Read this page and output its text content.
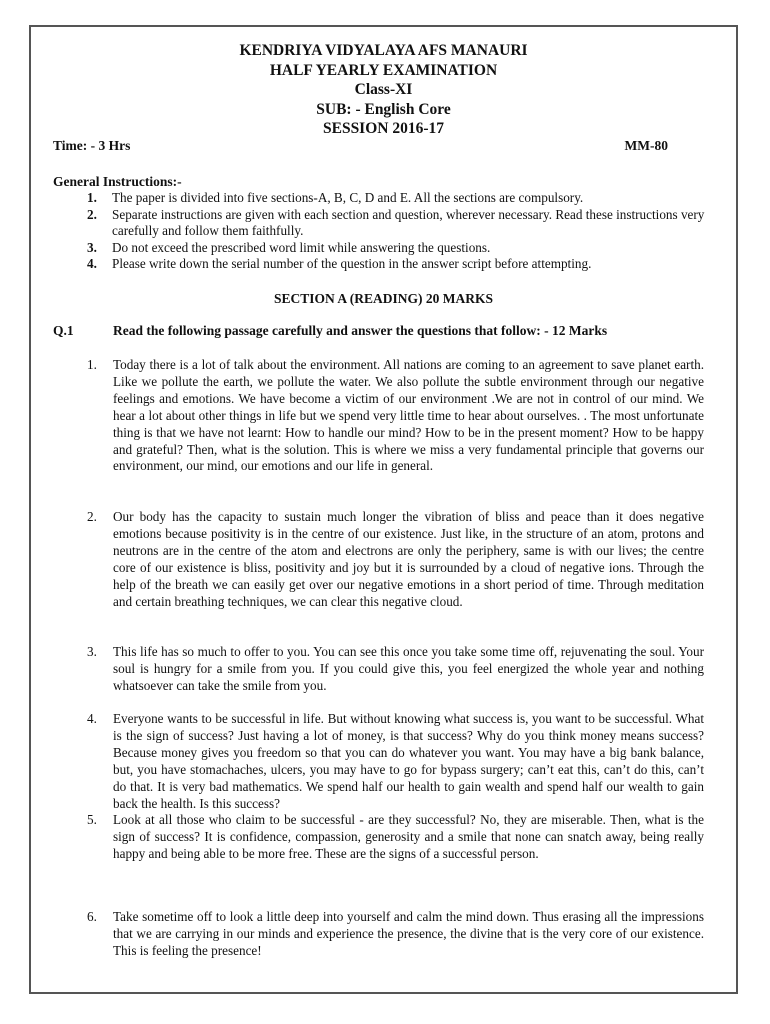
KENDRIYA VIDYALAYA AFS MANAURI
HALF YEARLY EXAMINATION
Class-XI
SUB: - English Core
SESSION 2016-17
Time: - 3 Hrs	MM-80
General Instructions:-
1. The paper is divided into five sections-A, B, C, D and E. All the sections are compulsory.
2. Separate instructions are given with each section and question, wherever necessary. Read these instructions very carefully and follow them faithfully.
3. Do not exceed the prescribed word limit while answering the questions.
4. Please write down the serial number of the question in the answer script before attempting.
SECTION A (READING) 20 MARKS
Q.1	Read the following passage carefully and answer the questions that follow: - 12 Marks
1. Today there is a lot of talk about the environment. All nations are coming to an agreement to save planet earth. Like we pollute the earth, we pollute the water. We also pollute the subtle environment through our negative feelings and emotions. We have become a victim of our environment .We are not in control of our mind. We hear a lot about other things in life but we spend very little time to hear about ourselves. . The most unfortunate thing is that we have not learnt: How to handle our mind? How to be in the present moment? How to be happy and grateful? Then, what is the solution. This is where we miss a very fundamental principle that governs our environment, our mind, our emotions and our life in general.
2. Our body has the capacity to sustain much longer the vibration of bliss and peace than it does negative emotions because positivity is in the centre of our existence. Just like, in the structure of an atom, protons and neutrons are in the centre of the atom and electrons are only the periphery, same is with our lives; the centre core of our existence is bliss, positivity and joy but it is surrounded by a cloud of negative ions. Through the help of the breath we can easily get over our negative emotions in a short period of time. Through meditation and certain breathing techniques, we can clear this negative cloud.
3. This life has so much to offer to you. You can see this once you take some time off, rejuvenating the soul. Your soul is hungry for a smile from you. If you could give this, you feel energized the whole year and nothing whatsoever can take the smile from you.
4. Everyone wants to be successful in life. But without knowing what success is, you want to be successful. What is the sign of success? Just having a lot of money, is that success? Why do you think money means success? Because money gives you freedom so that you can do whatever you want. You may have a big bank balance, but, you have stomachaches, ulcers, you may have to go for bypass surgery; can’t eat this, can’t do this, can’t do that. It is very bad mathematics. We spend half our health to gain wealth and spend half our wealth to gain back the health. Is this success?
5. Look at all those who claim to be successful - are they successful? No, they are miserable. Then, what is the sign of success? It is confidence, compassion, generosity and a smile that none can snatch away, being really happy and being able to be more free. These are the signs of a successful person.
6. Take sometime off to look a little deep into yourself and calm the mind down. Thus erasing all the impressions that we are carrying in our minds and experience the presence, the divine that is the very core of our existence. This is feeling the presence!
